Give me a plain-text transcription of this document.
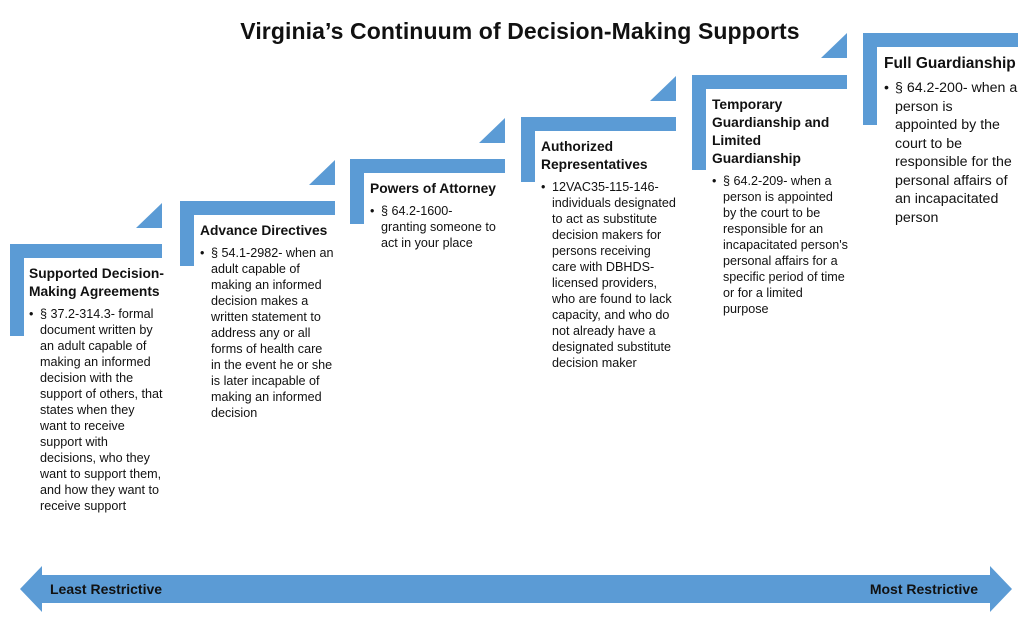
Virginia’s Continuum of Decision-Making Supports
Supported Decision-Making Agreements
• § 37.2-314.3- formal document written by an adult capable of making an informed decision with the support of others, that states when they want to receive support with decisions, who they want to support them, and how they want to receive support
Advance Directives
• § 54.1-2982- when an adult capable of making an informed decision makes a written statement to address any or all forms of health care in the event he or she is later incapable of making an informed decision
Powers of Attorney
• § 64.2-1600- granting someone to act in your place
Authorized Representatives
• 12VAC35-115-146- individuals designated to act as substitute decision makers for persons receiving care with DBHDS-licensed providers, who are found to lack capacity, and who do not already have a designated substitute decision maker
Temporary Guardianship and Limited Guardianship
• § 64.2-209- when a person is appointed by the court to be responsible for an incapacitated person's personal affairs for a specific period of time or for a limited purpose
Full Guardianship
• § 64.2-200- when a person is appointed by the court to be responsible for the personal affairs of an incapacitated person
Least Restrictive	Most Restrictive
